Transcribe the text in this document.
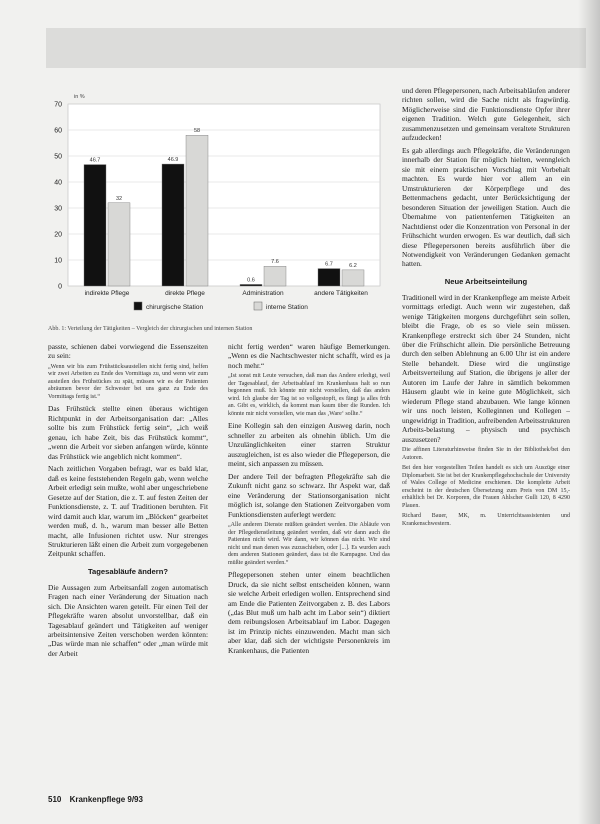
0
10
20
30
40
50
60
70
in %
46.7
32
indirekte Pflege
46.9
58
direkte Pflege
0.6
7.6
Administration
6.7	6.2
andere Tätigkeiten
chirurgische Station	interne Station
Abb. 1: Verteilung der Tätigkeiten – Vergleich der chirurgischen und internen Station

passte, schienen dabei vorwiegend die Essenszeiten zu sein:

„Wenn wir bis zum Frühstücksaustellen nicht fertig sind, helfen wir zwei Arbeiten zu Ende des Vormittags zu, und wenn wir zum austeilen des Frühstückes zu spät, müssen wir es der Patienten abräumen bevor der Schwester bei uns ganz zu Ende des Vormittags fertig ist.“

Das Frühstück stellte einen überaus wichtigen Richtpunkt in der Arbeitsorganisation dar: „Alles sollte bis zum Frühstück fertig sein“, „ich weiß genau, ich habe Zeit, bis das Frühstück kommt“, „wenn die Arbeit vor sieben anfangen würde, könnte das Frühstück wie angeblich nicht kommen“.

Nach zeitlichen Vorgaben befragt, war es bald klar, daß es keine feststehenden Regeln gab, wenn welche Arbeit erledigt sein mußte, wohl aber ungeschriebene Gesetze auf der Station, die z. T. auf festen Zeiten der Funktionsdienste, z. T. auf Traditionen beruhten. Fit wird damit auch klar, warum im „Blöcken“ gearbeitet werden muß, d. h., warum man besser alle Betten macht, alle Infusionen richtet usw. Nur strenges Strukturieren läßt einen die Arbeit zum vorgegebenen Zeitpunkt schaffen.

Tagesabläufe ändern?

Die Aussagen zum Arbeitsanfall zogen automatisch Fragen nach einer Veränderung der Situation nach sich. Die Ansichten waren geteilt. Für einen Teil der Pflegekräfte waren absolut unvorstellbar, daß ein Tagesablauf geändert und Tätigkeiten auf weniger arbeitsintensive Zeiten verschoben werden könnten: „Das würde man nie schaffen“ oder „man würde mit der Arbeit

nicht fertig werden“ waren häufige Bemerkungen. „Wenn es die Nachtschwester nicht schafft, wird es ja noch mehr.“

„Ist sonst mit Leute versuchen, daß man das Andere erledigt, weil der Tagesablauf, der Arbeitsablauf im Krankenhaus halt so nun begonnen muß. Ich könnte mir nicht vorstellen, daß das anders wird. Ich glaube der Tag ist so vollgestopft, es fängt ja alles früh an. Gibt es, wirklich, da kommt man kaum über die Runden. Ich könnte mir nicht vorstellen, wie man das ‚Ware‘ sollte.“

Eine Kollegin sah den einzigen Ausweg darin, noch schneller zu arbeiten als ohnehin üblich. Um die Unzulänglichkeiten einer starren Struktur auszugleichen, ist es also wieder die Pflegeperson, die meint, sich anpassen zu müssen.

Der andere Teil der befragten Pflegekräfte sah die Zukunft nicht ganz so schwarz. Ihr Aspekt war, daß eine Veränderung der Stationsorganisation nicht möglich ist, solange den Stationen Zeitvorgaben vom Funktionsdiensten auferlegt werden:

„Alle anderen Dienste müßten geändert werden. Die Abläufe von der Pflegedienstleitung geändert werden, daß wir dann auch die Patienten nicht wird. Wir dann, wir können das nicht. Wir sind nicht und man denen was zuzuschieben, oder [...]. Es wurden auch dem anderen Stationen geändert, dass ist die Kampagne. Und das müßte geändert werden.“

Pflegepersonen stehen unter einem beachtlichen Druck, da sie nicht selbst entscheiden können, wann sie welche Arbeit erledigen wollen. Entsprechend sind am Ende die Patienten Zeitvorgaben z. B. des Labors („das Blut muß um halb acht im Labor sein“) diktiert dem reibungslosen Arbeitsablauf im Labor. Dagegen ist im Prinzip nichts einzuwenden. Macht man sich aber klar, daß sich der wichtigste Personenkreis im Krankenhaus, die Patienten

und deren Pflegepersonen, nach Arbeitsabläufen anderer richten sollen, wird die Sache nicht als fragwürdig. Möglicherweise sind die Funktionsdienste Opfer ihrer eigenen Tradition. Welch gute Gelegenheit, sich zusammenzusetzen und gemeinsam veraltete Strukturen aufzudecken!

Es gab allerdings auch Pflegekräfte, die Veränderungen innerhalb der Station für möglich hielten, wenngleich sie mit einem praktischen Vorschlag mit Vorbehalt machten. Es wurde hier vor allem an ein Umstrukturieren der Körperpflege und des Bettenmachens gedacht, unter Berücksichtigung der besonderen Situation der jeweiligen Station. Auch die Übernahme von patientenfernen Tätigkeiten an Nachtdienst oder die Konzentration von Personal in der Frühschicht wurden erwogen. Es war deutlich, daß sich diese Pflegepersonen bereits ausführlich über die Notwendigkeit von Veränderungen Gedanken gemacht hatten.

Neue Arbeitseinteilung

Traditionell wird in der Krankenpflege am meiste Arbeit vormittags erledigt. Auch wenn wir zugestehen, daß wenige Tätigkeiten morgens durchgeführt sein sollen, bleibt die Frage, ob es so viele sein müssen. Krankenpflege erstreckt sich über 24 Stunden, nicht über die Frühschicht allein. Die persönliche Betreuung durch den selben Ablehnung an 6.00 Uhr ist ein andere Stelle behandelt. Diese wird die ungünstige Arbeitsverteilung auf Station, die übrigens je aller der Autoren im Laufe der Jahre in sämtlich bekommen Häusern glaubt wie in keine gute Möglichkeit, sich wiederum Pflege stand abzubauen. Wie lange können wir uns noch leisten, Kolleginnen und Kollegen – ungewidrigt in Tradition, aufreibenden Arbeitsstrukturen Arbeits-belastung – physisch und psychisch auszusetzen?

Die affinen Literaturhinweise finden Sie in der Bibliothek/bei den Autoren.

Bei den hier vorgestellten Teilen handelt es sich um Auszüge einer Diplomarbeit. Sie ist bei der Krankenpflegehochschule der University of Wales College of Medicine erschienen. Die komplette Arbeit erscheint in der deutschen Übersetzung zum Preis von DM 15,- erhältlich bei Dr. Korporen, die Frauen Ahlscher Gulli 120, 8 4290 Plauen.

Richard Bauer, MK, m. Unterrichtsassistenten und Krankenschwestern.

510 Krankenpflege 9/93
